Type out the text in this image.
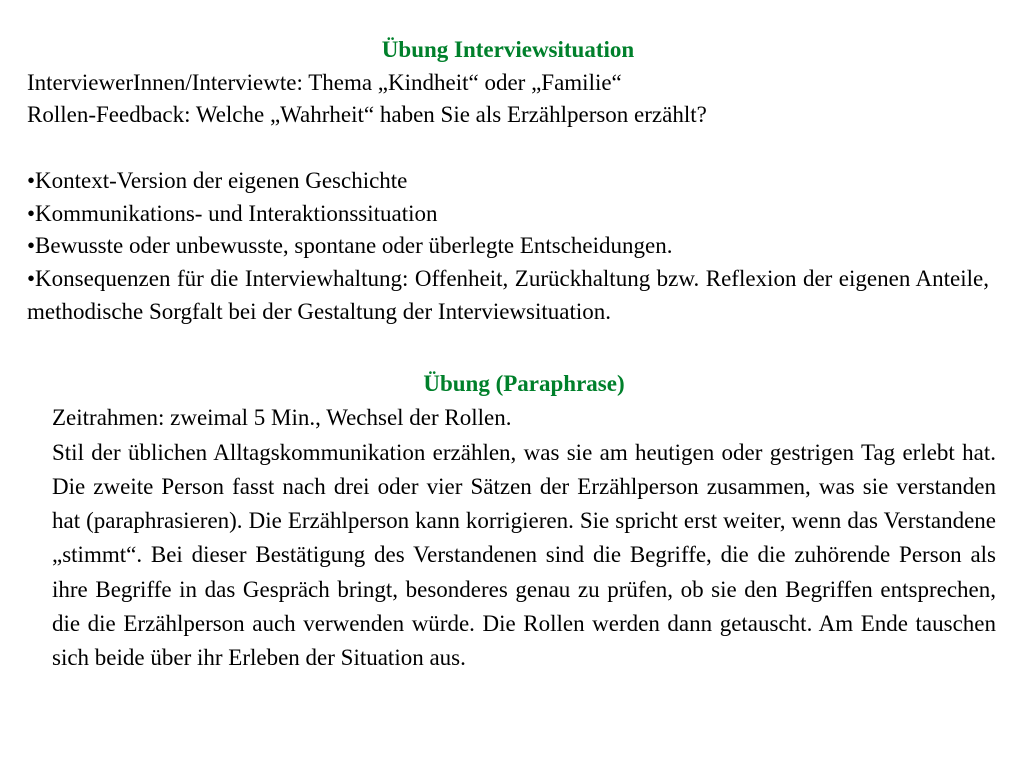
Übung Interviewsituation
InterviewerInnen/Interviewte: Thema „Kindheit“ oder „Familie“
Rollen-Feedback: Welche „Wahrheit“ haben Sie als Erzählperson erzählt?
•Kontext-Version der eigenen Geschichte
•Kommunikations- und Interaktionssituation
•Bewusste oder unbewusste, spontane oder überlegte Entscheidungen.
•Konsequenzen für die Interviewhaltung: Offenheit, Zurückhaltung bzw. Reflexion der eigenen Anteile, methodische Sorgfalt bei der Gestaltung der Interviewsituation.
Übung (Paraphrase)
Zeitrahmen: zweimal 5 Min., Wechsel der Rollen.
Stil der üblichen Alltagskommunikation erzählen, was sie am heutigen oder gestrigen Tag erlebt hat. Die zweite Person fasst nach drei oder vier Sätzen der Erzählperson zusammen, was sie verstanden hat (paraphrasieren). Die Erzählperson kann korrigieren. Sie spricht erst weiter, wenn das Verstandene „stimmt“. Bei dieser Bestätigung des Verstandenen sind die Begriffe, die die zuhörende Person als ihre Begriffe in das Gespräch bringt, besonderes genau zu prüfen, ob sie den Begriffen entsprechen, die die Erzählperson auch verwenden würde. Die Rollen werden dann getauscht. Am Ende tauschen sich beide über ihr Erleben der Situation aus.
